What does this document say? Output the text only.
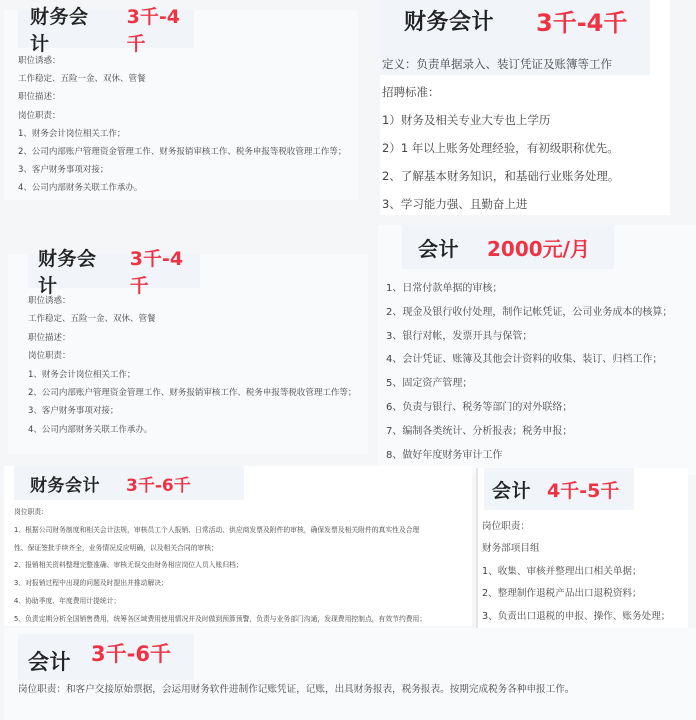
财务会计
3千-4千
职位诱惑：
工作稳定、五险一金、双休、管餐
职位描述：
岗位职责：
1、财务会计岗位相关工作；
2、公司内部账户管理资金管理工作、财务报销审核工作、税务申报等税收管理工作等；
3、客户财务事项对接；
4、公司内部财务关联工作承办。
财务会计 3千-4千
定义：负责单据录入、装订凭证及账簿等工作
招聘标准：
1）财务及相关专业大专也上学历
2）1 年以上账务处理经验，有初级职称优先。
2、了解基本财务知识，和基础行业账务处理。
3、学习能力强、且勤奋上进
财务会计
3千-4千
职位诱惑：
工作稳定、五险一金、双休、管餐
职位描述：
岗位职责：
1、财务会计岗位相关工作；
2、公司内部账户管理资金管理工作、财务报销审核工作、税务申报等税收管理工作等；
3、客户财务事项对接；
4、公司内部财务关联工作承办。
会计 2000元/月
1、日常付款单据的审核；
2、现金及银行收付处理，制作记帐凭证，公司业务成本的核算；
3、银行对帐，发票开具与保管；
4、会计凭证、账簿及其他会计资料的收集、装订、归档工作；
5、固定资产管理；
6、负责与银行、税务等部门的对外联络；
7、编制各类统计、分析报表；税务申报；
8、做好年度财务审计工作
财务会计 3千-6千
岗位职责：
1、根据公司财务制度和相关会计法规，审核员工个人报销、日常活动、供应商发票及附件的审核，确保发票及相关附件的真实性及合理
性、保证签批手续齐全，业务情况反应明确，以及相关合同的审核；
2、报销相关资料整理完整准确、审核无误交由财务相应岗位人员入账归档；
3、对报销过程中出现的问题及时提出并推动解决；
4、协助季度、年度费用计提统计；
5、负责定期分析全国销售费用，统筹各区域费用使用情况并及时做到预算预警，负责与业务部门沟通，发现费用控制点，有效节约费用；
会计 4千-5千
岗位职责：
财务部项目组
1、收集、审核并整理出口相关单据；
2、整理制作退税产品出口退税资料；
3、负责出口退税的申报、操作、账务处理；
会计 3千-6千
岗位职责：和客户交接原始票据，会运用财务软件进制作记账凭证，记账，出具财务报表，税务报表。按期完成税务各种申报工作。
